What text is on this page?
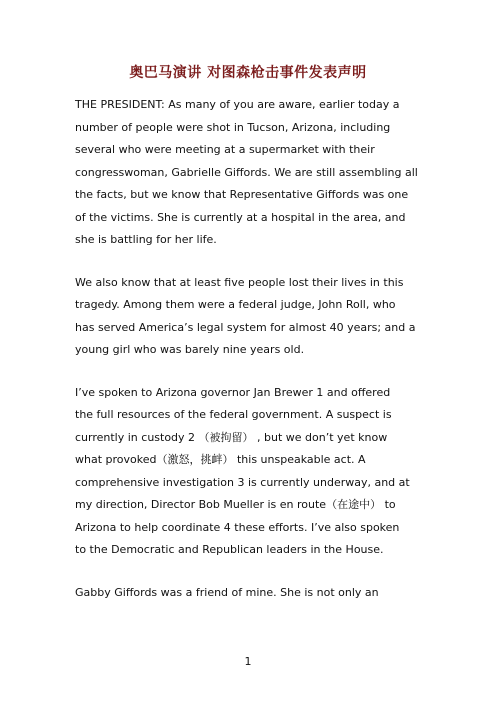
奥巴马演讲 对图森枪击事件发表声明
THE PRESIDENT: As many of you are aware, earlier today a
number of people were shot in Tucson, Arizona, including
several who were meeting at a supermarket with their
congresswoman, Gabrielle Giffords. We are still assembling all
the facts, but we know that Representative Giffords was one
of the victims. She is currently at a hospital in the area, and
she is battling for her life.
We also know that at least five people lost their lives in this
tragedy. Among them were a federal judge, John Roll, who
has served America’s legal system for almost 40 years; and a
young girl who was barely nine years old.
I’ve spoken to Arizona governor Jan Brewer 1 and offered
the full resources of the federal government. A suspect is
currently in custody 2 （被拘留） , but we don’t yet know
what provoked（激怒，挑衅） this unspeakable act. A
comprehensive investigation 3 is currently underway, and at
my direction, Director Bob Mueller is en route（在途中） to
Arizona to help coordinate 4 these efforts. I’ve also spoken
to the Democratic and Republican leaders in the House.
Gabby Giffords was a friend of mine. She is not only an
1
